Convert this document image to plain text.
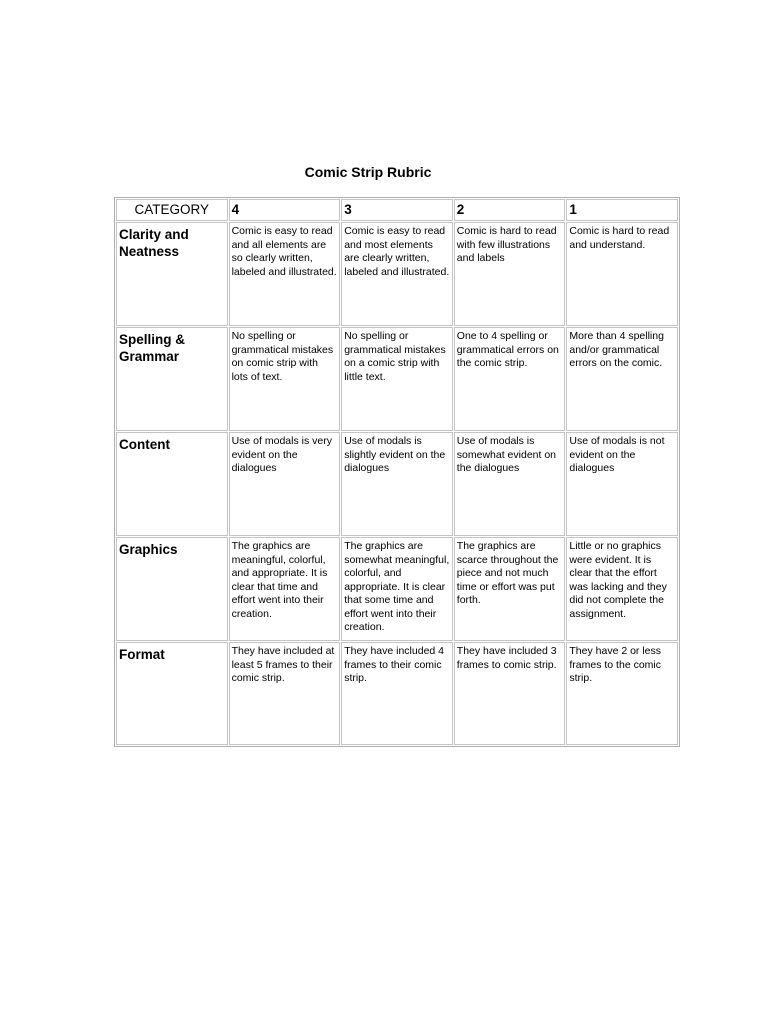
Comic Strip Rubric
CATEGORY	4	3	2	1
Clarity and Neatness	Comic is easy to read and all elements are so clearly written, labeled and illustrated.	Comic is easy to read and most elements are clearly written, labeled and illustrated.	Comic is hard to read with few illustrations and labels	Comic is hard to read and understand.
Spelling & Grammar	No spelling or grammatical mistakes on comic strip with lots of text.	No spelling or grammatical mistakes on a comic strip with little text.	One to 4 spelling or grammatical errors on the comic strip.	More than 4 spelling and/or grammatical errors on the comic.
Content	Use of modals is very evident on the dialogues	Use of modals is slightly evident on the dialogues	Use of modals is somewhat evident on the dialogues	Use of modals is not evident on the dialogues
Graphics	The graphics are meaningful, colorful, and appropriate. It is clear that time and effort went into their creation.	The graphics are somewhat meaningful, colorful, and appropriate. It is clear that some time and effort went into their creation.	The graphics are scarce throughout the piece and not much time or effort was put forth.	Little or no graphics were evident. It is clear that the effort was lacking and they did not complete the assignment.
Format	They have included at least 5 frames to their comic strip.	They have included 4 frames to their comic strip.	They have included 3 frames to comic strip.	They have 2 or less frames to the comic strip.
